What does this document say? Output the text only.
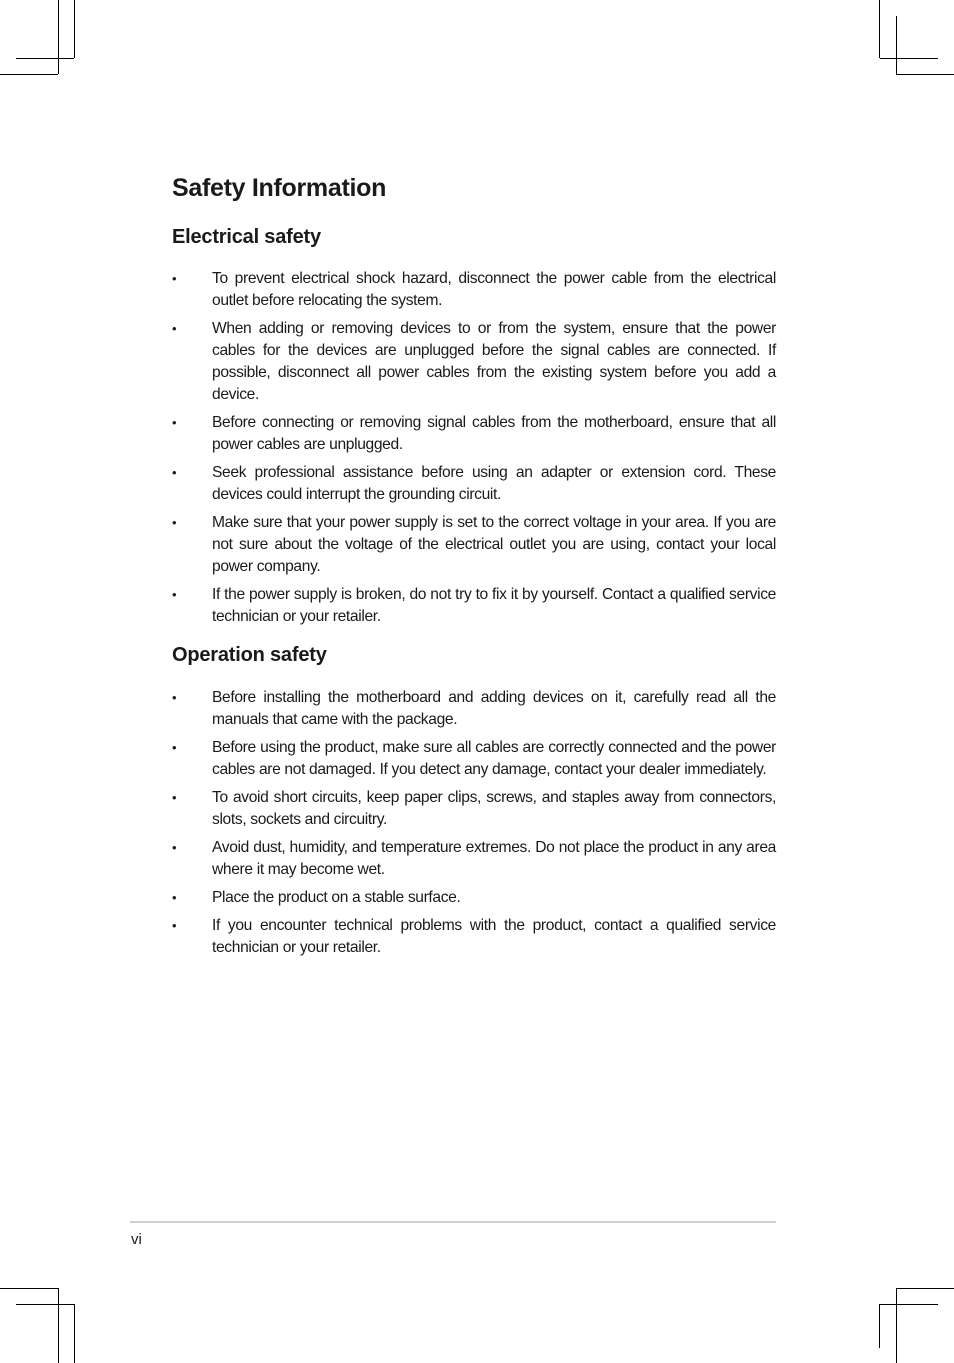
Safety Information
Electrical safety
• To prevent electrical shock hazard, disconnect the power cable from the electrical outlet before relocating the system.
• When adding or removing devices to or from the system, ensure that the power cables for the devices are unplugged before the signal cables are connected. If possible, disconnect all power cables from the existing system before you add a device.
• Before connecting or removing signal cables from the motherboard, ensure that all power cables are unplugged.
• Seek professional assistance before using an adapter or extension cord. These devices could interrupt the grounding circuit.
• Make sure that your power supply is set to the correct voltage in your area. If you are not sure about the voltage of the electrical outlet you are using, contact your local power company.
• If the power supply is broken, do not try to fix it by yourself. Contact a qualified service technician or your retailer.
Operation safety
• Before installing the motherboard and adding devices on it, carefully read all the manuals that came with the package.
• Before using the product, make sure all cables are correctly connected and the power cables are not damaged. If you detect any damage, contact your dealer immediately.
• To avoid short circuits, keep paper clips, screws, and staples away from connectors, slots, sockets and circuitry.
• Avoid dust, humidity, and temperature extremes. Do not place the product in any area where it may become wet.
• Place the product on a stable surface.
• If you encounter technical problems with the product, contact a qualified service technician or your retailer.
vi
